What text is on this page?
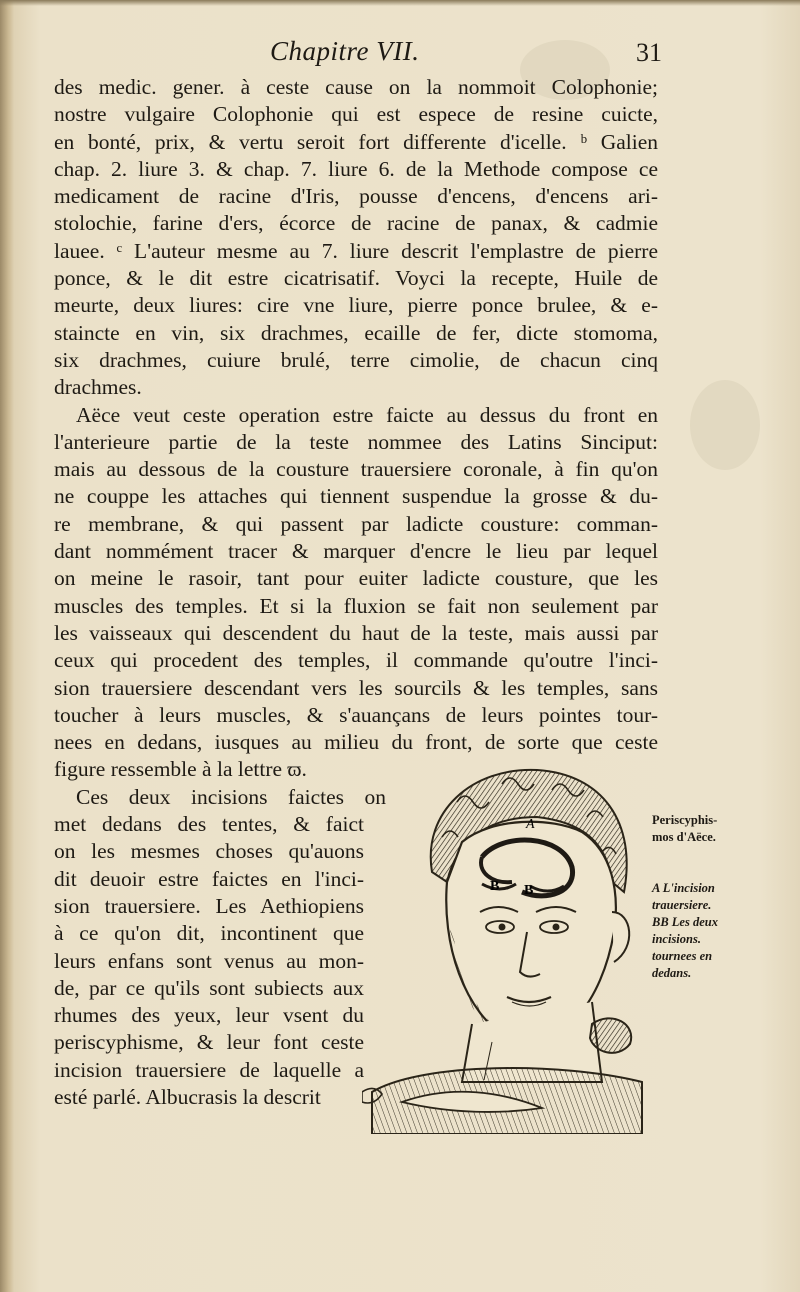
Chapitre VII.	31
des medic. gener. à ceste cause on la nommoit Colophonie;
nostre vulgaire Colophonie qui est espece de resine cuicte,
en bonté, prix, & vertu seroit fort differente d'icelle. ᵇ Galien
chap. 2. liure 3. & chap. 7. liure 6. de la Methode compose ce
medicament de racine d'Iris, pousse d'encens, d'encens ari-
stolochie, farine d'ers, écorce de racine de panax, & cadmie
lauee. ᶜ L'auteur mesme au 7. liure descrit l'emplastre de pierre
ponce, & le dit estre cicatrisatif. Voyci la recepte, Huile de
meurte, deux liures: cire vne liure, pierre ponce brulee, & e-
staincte en vin, six drachmes, ecaille de fer, dicte stomoma,
six drachmes, cuiure brulé, terre cimolie, de chacun cinq
drachmes.
Aëce veut ceste operation estre faicte au dessus du front en
l'anterieure partie de la teste nommee des Latins Sinciput:
mais au dessous de la cousture trauersiere coronale, à fin qu'on
ne couppe les attaches qui tiennent suspendue la grosse & du-
re membrane, & qui passent par ladicte cousture: comman-
dant nommément tracer & marquer d'encre le lieu par lequel
on meine le rasoir, tant pour euiter ladicte cousture, que les
muscles des temples. Et si la fluxion se fait non seulement par
les vaisseaux qui descendent du haut de la teste, mais aussi par
ceux qui procedent des temples, il commande qu'outre l'inci-
sion trauersiere descendant vers les sourcils & les temples, sans
toucher à leurs muscles, & s'auançans de leurs pointes tour-
nees en dedans, iusques au milieu du front, de sorte que ceste
figure ressemble à la lettre ϖ.
Ces deux incisions faictes on
met dedans des tentes, & faict
on les mesmes choses qu'auons
dit deuoir estre faictes en l'inci-
sion trauersiere. Les Aethiopiens
à ce qu'on dit, incontinent que
leurs enfans sont venus au mon-
de, par ce qu'ils sont subiects aux
rhumes des yeux, leur vsent du
periscyphisme, & leur font ceste
incision trauersiere de laquelle a
esté parlé. Albucrasis la descrit
A
B B
Periscyphis-
mos d'Aëce.
A L'incision
trauersiere.
BB Les deux
incisions.
tournees en
dedans.
